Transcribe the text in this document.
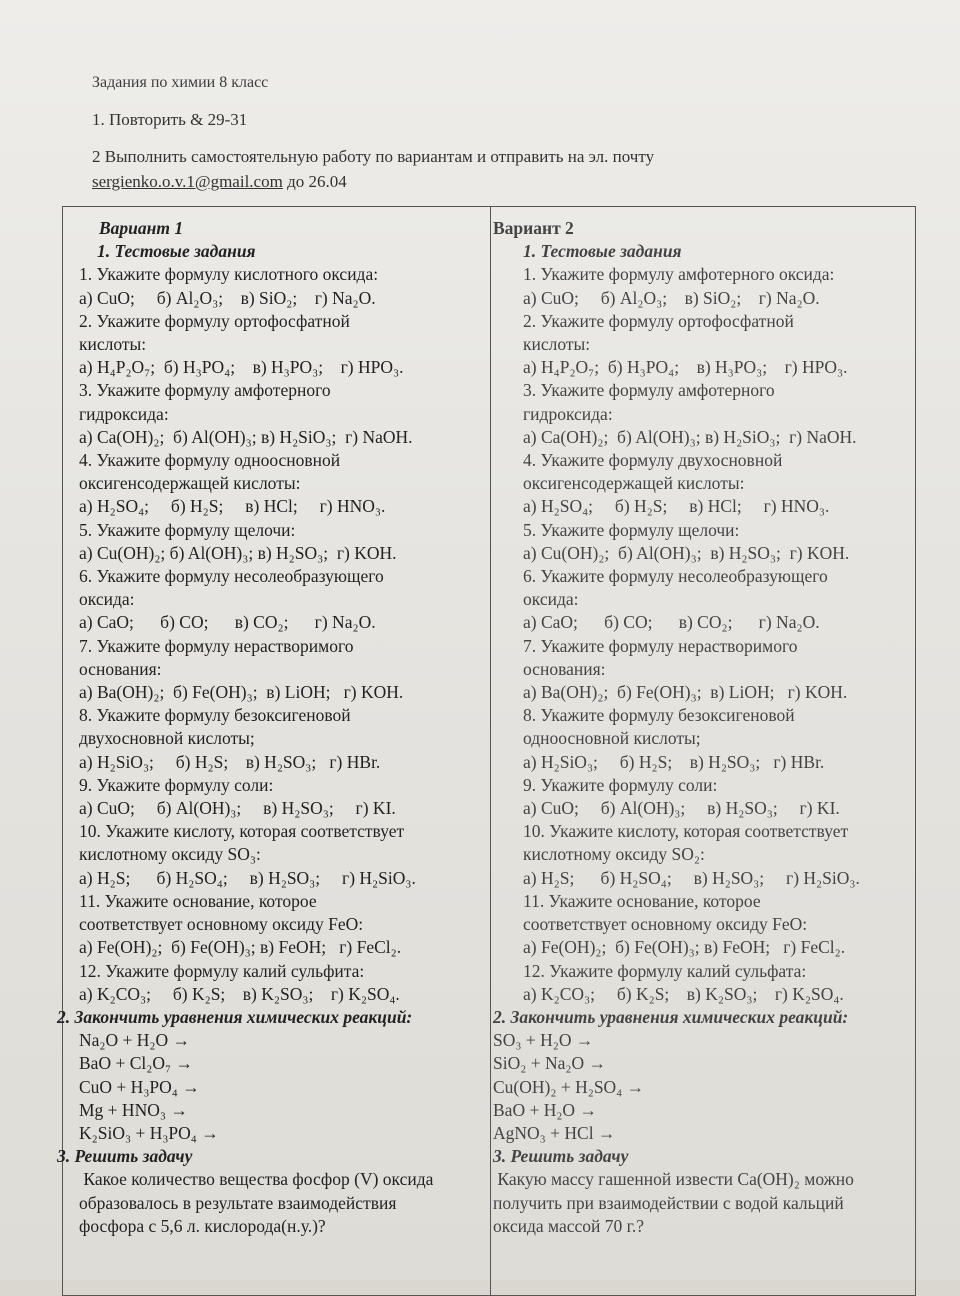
Задания по химии 8 класс
1. Повторить & 29-31
2 Выполнить самостоятельную работу по вариантам и отправить на эл. почту
sergienko.o.v.1@gmail.com до 26.04

Вариант 1

1. Тестовые задания

1. Укажите формулу кислотного оксида:

а) CuO;     б) Al₂O₃;    в) SiO₂;    г) Na₂O.

2. Укажите формулу ортофосфатной

кислоты:

а) H₄P₂O₇;  б) H₃PO₄;    в) H₃PO₃;    г) HPO₃.

3. Укажите формулу амфотерного

гидроксида:

а) Ca(OH)₂;  б) Al(OH)₃; в) H₂SiO₃;  г) NaOH.

4. Укажите формулу одноосновной

оксигенсодержащей кислоты:

а) H₂SO₄;     б) H₂S;     в) HCl;     г) HNO₃.

5. Укажите формулу щелочи:

а) Cu(OH)₂; б) Al(OH)₃; в) H₂SO₃;  г) KOH.

6. Укажите формулу несолеобразующего

оксида:

а) CaO;      б) CO;      в) CO₂;      г) Na₂O.

7. Укажите формулу нерастворимого

основания:

а) Ba(OH)₂;  б) Fe(OH)₃;  в) LiOH;   г) KOH.

8. Укажите формулу безоксигеновой

двухосновной кислоты;

а) H₂SiO₃;     б) H₂S;    в) H₂SO₃;   г) HBr.

9. Укажите формулу соли:

а) CuO;     б) Al(OH)₃;     в) H₂SO₃;     г) KI.

10. Укажите кислоту, которая соответствует

кислотному оксиду SO₃:

а) H₂S;      б) H₂SO₄;     в) H₂SO₃;     г) H₂SiO₃.

11. Укажите основание, которое

соответствует основному оксиду FeO:

а) Fe(OH)₂;  б) Fe(OH)₃; в) FeOH;   г) FeCl₂.

12. Укажите формулу калий сульфита:

а) K₂CO₃;     б) K₂S;    в) K₂SO₃;    г) K₂SO₄.

2. Закончить уравнения химических реакций:

Na₂O + H₂O →

BaO + Cl₂O₇ →

CuO + H₃PO₄ →

Mg + HNO₃ →

K₂SiO₃ + H₃PO₄ →

3. Решить задачу

Какое количество вещества фосфор (V) оксида

образовалось в результате взаимодействия

фосфора с 5,6 л. кислорода(н.у.)?

Вариант 2

1. Тестовые задания

1. Укажите формулу амфотерного оксида:

а) CuO;     б) Al₂O₃;    в) SiO₂;    г) Na₂O.

2. Укажите формулу ортофосфатной

кислоты:

а) H₄P₂O₇;  б) H₃PO₄;    в) H₃PO₃;    г) HPO₃.

3. Укажите формулу амфотерного

гидроксида:

а) Ca(OH)₂;  б) Al(OH)₃; в) H₂SiO₃;  г) NaOH.

4. Укажите формулу двухосновной

оксигенсодержащей кислоты:

а) H₂SO₄;     б) H₂S;     в) HCl;     г) HNO₃.

5. Укажите формулу щелочи:

а) Cu(OH)₂;  б) Al(OH)₃;  в) H₂SO₃;  г) KOH.

6. Укажите формулу несолеобразующего

оксида:

а) CaO;      б) CO;      в) CO₂;      г) Na₂O.

7. Укажите формулу нерастворимого

основания:

а) Ba(OH)₂;  б) Fe(OH)₃;  в) LiOH;   г) KOH.

8. Укажите формулу безоксигеновой

одноосновной кислоты;

а) H₂SiO₃;     б) H₂S;    в) H₂SO₃;   г) HBr.

9. Укажите формулу соли:

а) CuO;     б) Al(OH)₃;     в) H₂SO₃;     г) KI.

10. Укажите кислоту, которая соответствует

кислотному оксиду SO₂:

а) H₂S;      б) H₂SO₄;     в) H₂SO₃;     г) H₂SiO₃.

11. Укажите основание, которое

соответствует основному оксиду FeO:

а) Fe(OH)₂;  б) Fe(OH)₃; в) FeOH;   г) FeCl₂.

12. Укажите формулу калий сульфата:

а) K₂CO₃;     б) K₂S;    в) K₂SO₃;    г) K₂SO₄.

2. Закончить уравнения химических реакций:

SO₃ + H₂O →

SiO₂ + Na₂O →

Cu(OH)₂ + H₂SO₄ →

BaO + H₂O →

AgNO₃ + HCl →

3. Решить задачу

Какую массу гашенной извести Ca(OH)₂ можно

получить при взаимодействии с водой кальций

оксида массой 70 г.?
